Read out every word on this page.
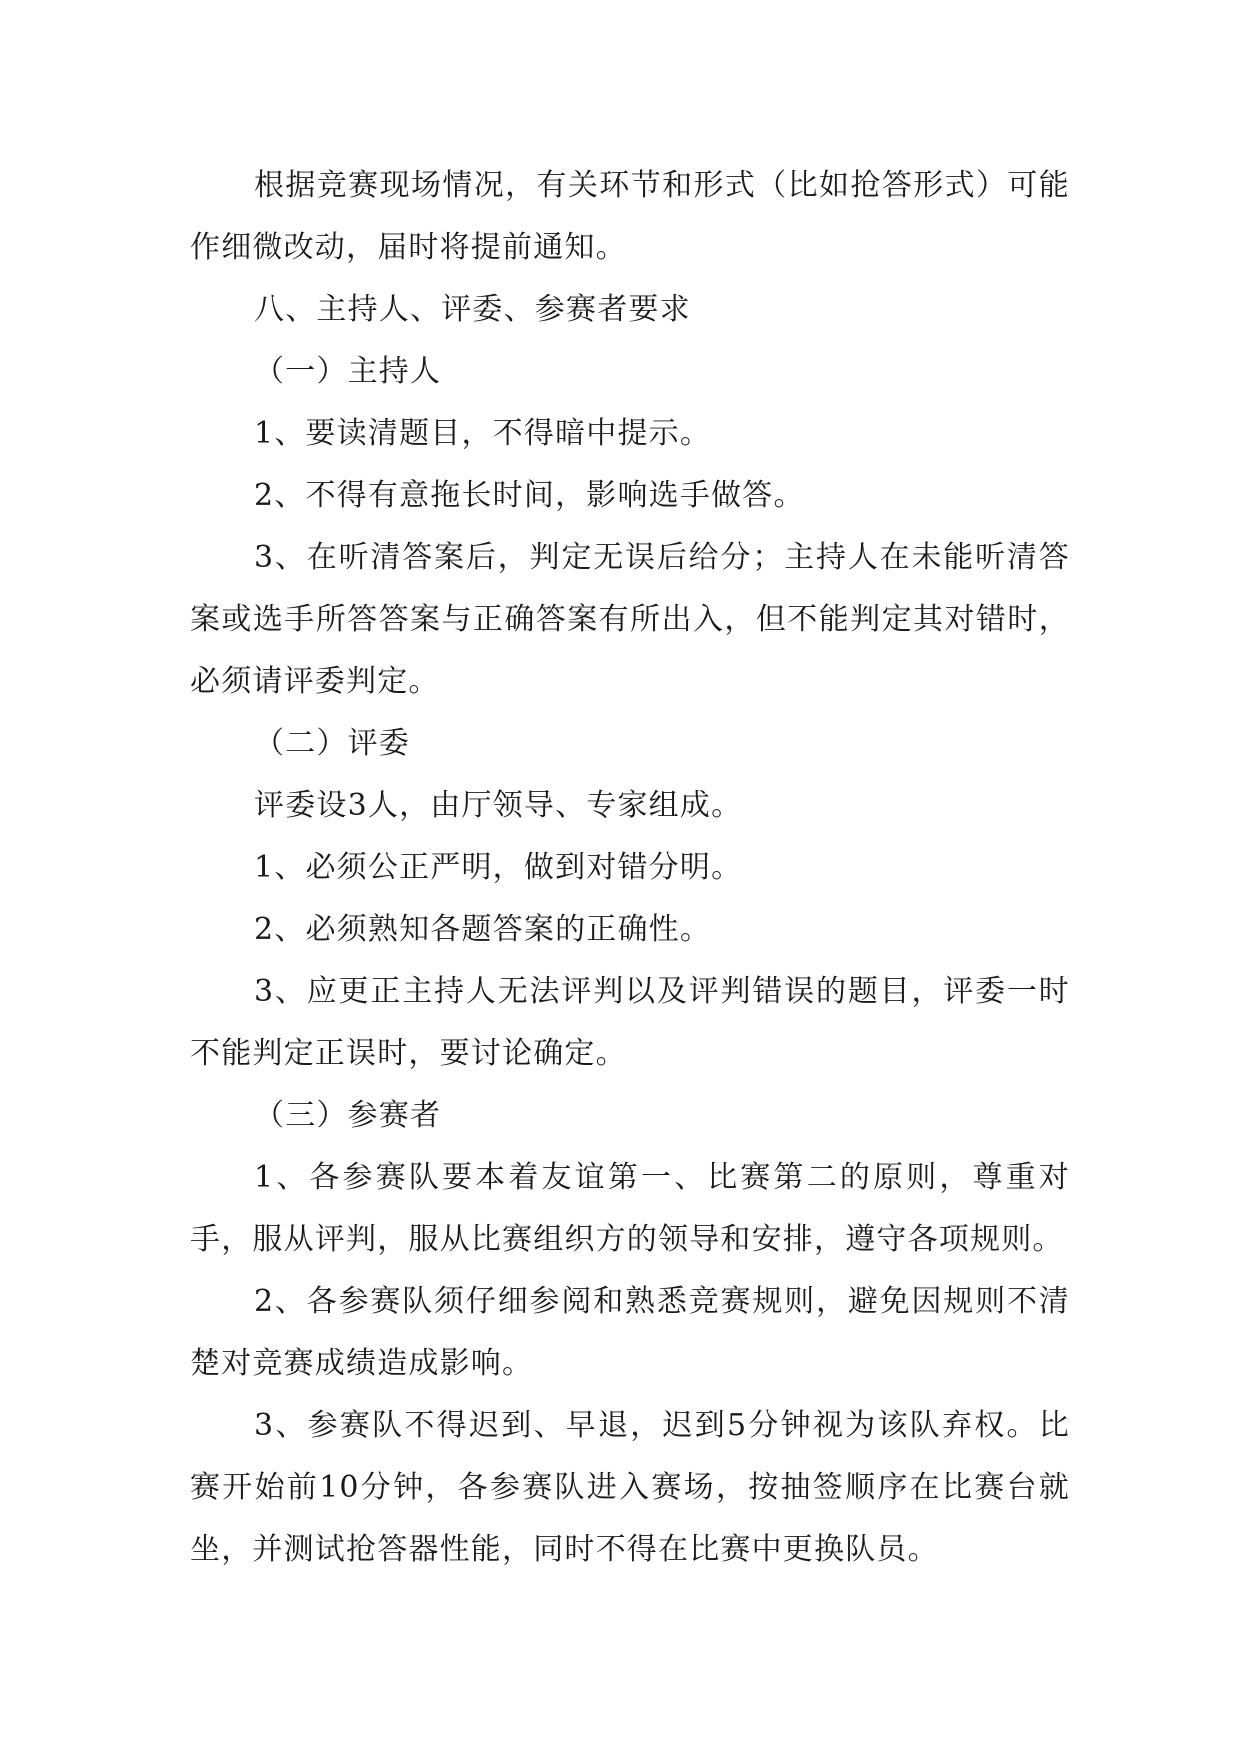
根据竞赛现场情况，有关环节和形式（比如抢答形式）可能作细微改动，届时将提前通知。

八、主持人、评委、参赛者要求

（一）主持人

1、要读清题目，不得暗中提示。

2、不得有意拖长时间，影响选手做答。

3、在听清答案后，判定无误后给分；主持人在未能听清答案或选手所答答案与正确答案有所出入，但不能判定其对错时，必须请评委判定。

（二）评委

评委设3人，由厅领导、专家组成。

1、必须公正严明，做到对错分明。

2、必须熟知各题答案的正确性。

3、应更正主持人无法评判以及评判错误的题目，评委一时不能判定正误时，要讨论确定。

（三）参赛者

1、各参赛队要本着友谊第一、比赛第二的原则，尊重对手，服从评判，服从比赛组织方的领导和安排，遵守各项规则。

2、各参赛队须仔细参阅和熟悉竞赛规则，避免因规则不清楚对竞赛成绩造成影响。

3、参赛队不得迟到、早退，迟到5分钟视为该队弃权。比赛开始前10分钟，各参赛队进入赛场，按抽签顺序在比赛台就坐，并测试抢答器性能，同时不得在比赛中更换队员。
